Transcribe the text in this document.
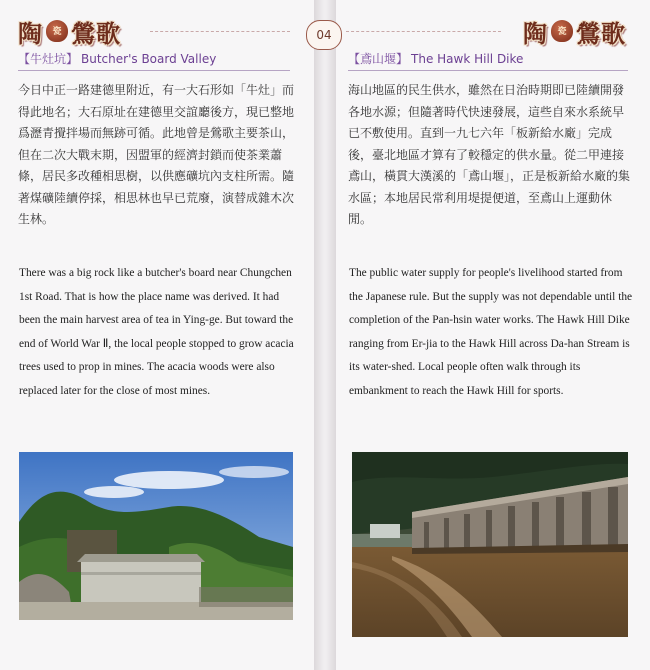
陶	瓷 鶯歌	04	陶	瓷 鶯歌
【牛灶坑】 Butcher's Board Valley	【鳶山堰】 The Hawk Hill Dike

今日中正一路建德里附近，有一大石形如「牛灶」而得此地名；大石原址在建德里交誼廳後方，現已整地爲瀝青攪拌場而無跡可循。此地曾是鶯歌主要茶山，但在二次大戰末期，因盟軍的經濟封鎖而使茶業蕭條，居民多改種相思樹，以供應礦坑內支柱所需。隨著煤礦陸續停採，相思林也早已荒廢，演替成雜木次生林。

海山地區的民生供水，雖然在日治時期即已陸續開發各地水源；但隨著時代快速發展，這些自來水系統早已不敷使用。直到一九七六年「板新給水廠」完成後，臺北地區才算有了較穩定的供水量。從二甲連接鳶山，橫貫大漢溪的「鳶山堰」，正是板新給水廠的集水區；本地居民常利用堤提便道，至鳶山上運動休閒。

There was a big rock like a butcher's board near Chungchen 1st Road. That is how the place name was derived. It had been the main harvest area of tea in Ying-ge. But toward the end of World War Ⅱ, the local people stopped to grow acacia trees used to prop in mines. The acacia woods were also replaced later for the close of most mines.

The public water supply for people's livelihood started from the Japanese rule. But the supply was not dependable until the completion of the Pan-hsin water works. The Hawk Hill Dike ranging from Er-jia to the Hawk Hill across Da-han Stream is its water-shed. Local people often walk through its embankment to reach the Hawk Hill for sports.
